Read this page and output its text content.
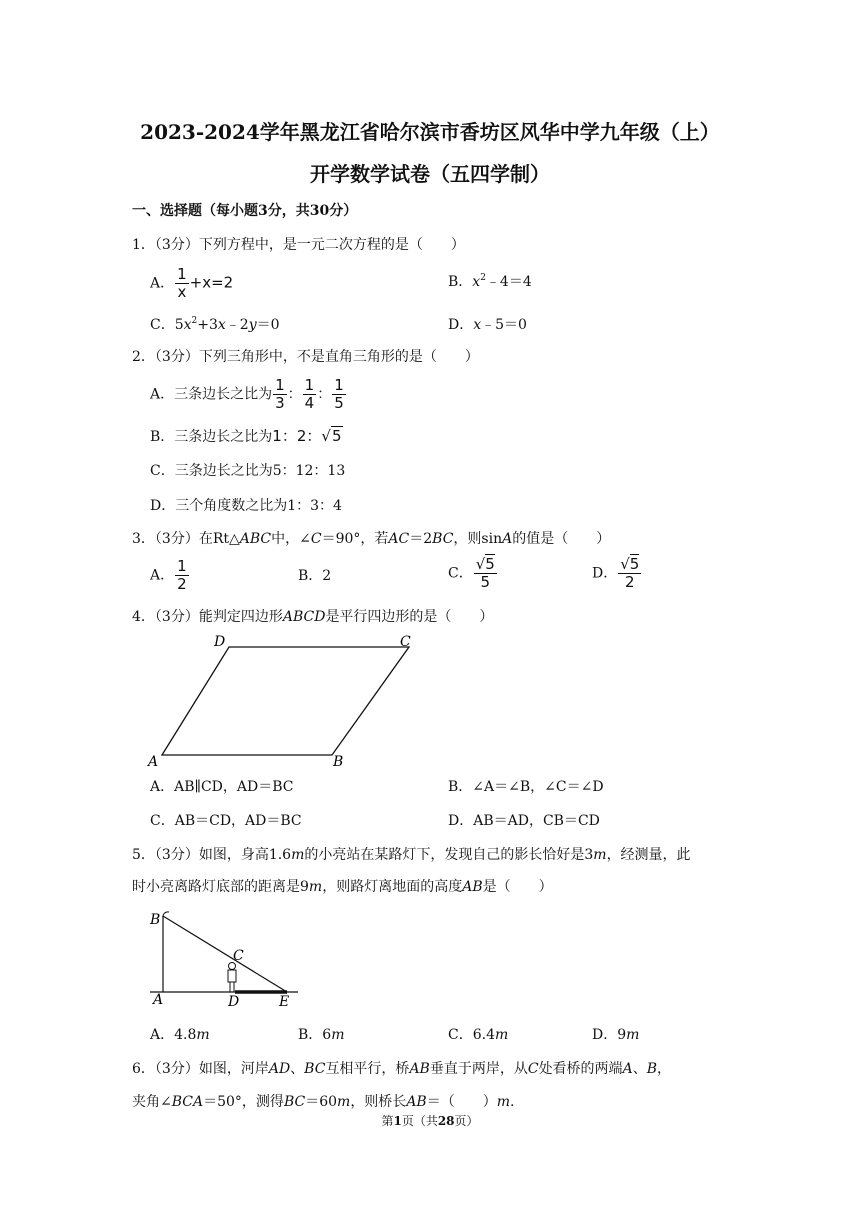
2023-2024学年黑龙江省哈尔滨市香坊区风华中学九年级（上）
开学数学试卷（五四学制）
一、选择题（每小题3分，共30分）
1．（3分）下列方程中，是一元二次方程的是（　　）
A． $\frac{1}{x} +x=2$	B．$x^2﹣4=4$
C．$5x^2+3x﹣2y=0$	D．x﹣5＝0
2．（3分）下列三角形中，不是直角三角形的是（　　）
A．三条边长之比为 $\frac{1}{3}$ ： $\frac{1}{4}$ ： $\frac{1}{5}$
B．三条边长之比为1：2：√5
C．三条边长之比为5：12：13
D．三个角度数之比为1：3：4
3．（3分）在Rt△ABC中，∠C＝90°，若AC＝2BC，则sinA的值是（　　）
A． $\frac{1}{2}$	B．2	C． $\frac{√5}{5}$	D． $\frac{√5}{2}$
4．（3分）能判定四边形ABCD是平行四边形的是（　　）
D	C
A	B
A．AB∥CD，AD＝BC	B．∠A＝∠B，∠C＝∠D
C．AB＝CD，AD＝BC	D．AB＝AD，CB＝CD
5．（3分）如图，身高1.6m的小亮站在某路灯下，发现自己的影长恰好是3m，经测量，此
时小亮离路灯底部的距离是9m，则路灯离地面的高度AB是（　　）
B
C
A	D	E
A．4.8m	B．6m	C．6.4m	D．9m
6．（3分）如图，河岸AD、BC互相平行，桥AB垂直于两岸，从C处看桥的两端A、B，
夹角∠BCA＝50°，测得BC＝60m，则桥长AB＝（　　）m.
第1页（共28页）
